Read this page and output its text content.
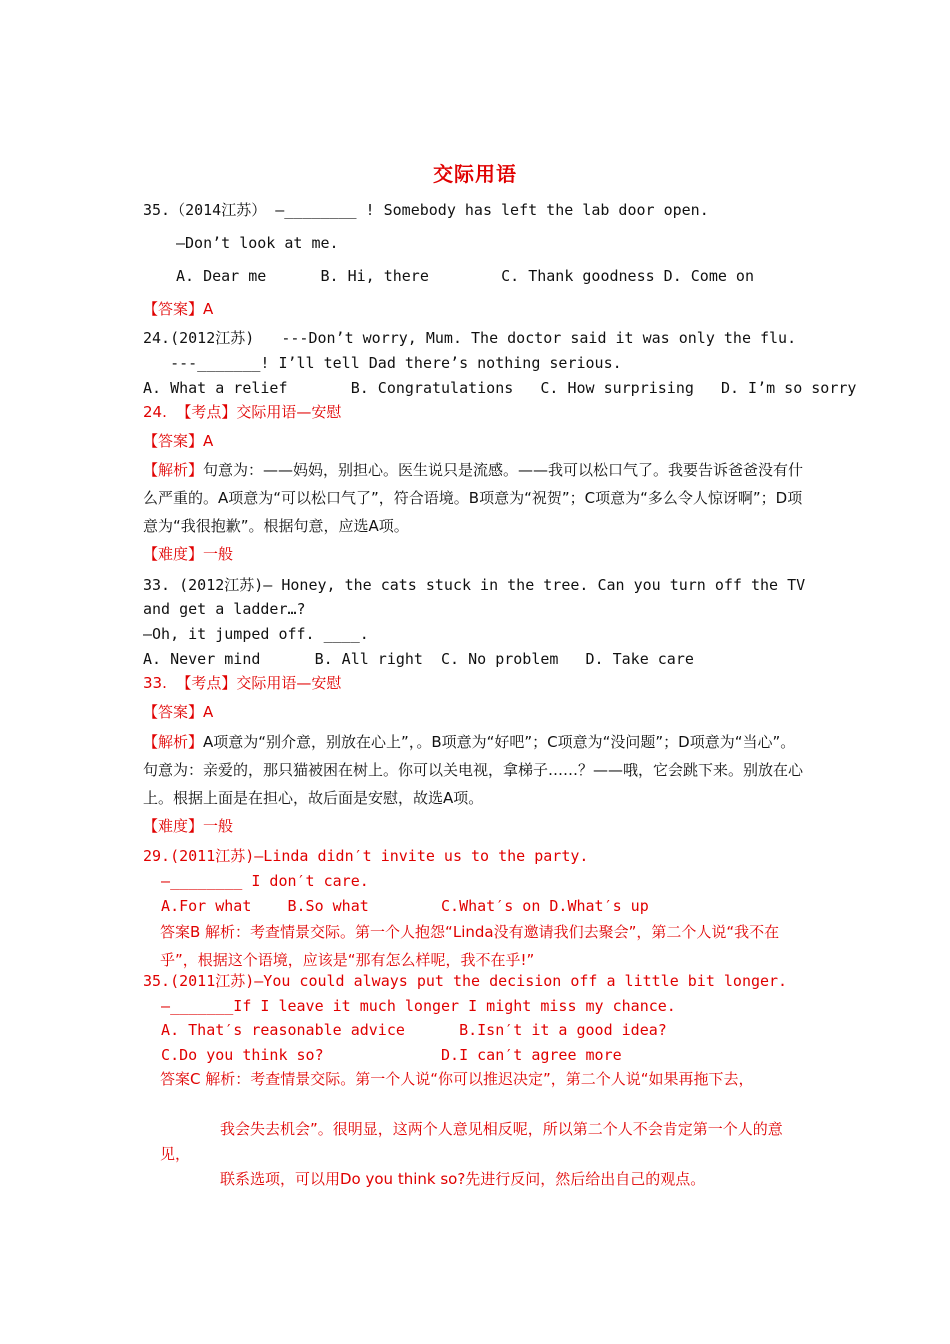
交际用语
35.（2014江苏） —________ ! Somebody has left the lab door open.
—Don’t look at me.
A. Dear me      B. Hi, there        C. Thank goodness D. Come on
【答案】A
24.(2012江苏)   ---Don’t worry, Mum. The doctor said it was only the flu.
---_______! I’ll tell Dad there’s nothing serious.
A. What a relief       B. Congratulations   C. How surprising   D. I’m so sorry
24. 【考点】交际用语—安慰
【答案】A
【解析】句意为：——妈妈，别担心。医生说只是流感。——我可以松口气了。我要告诉爸爸没有什么严重的。A项意为“可以松口气了”，符合语境。B项意为“祝贺”；C项意为“多么令人惊讶啊”；D项意为“我很抱歉”。根据句意，应选A项。
【难度】一般
33. (2012江苏)— Honey, the cats stuck in the tree. Can you turn off the TV
and get a ladder…?
—Oh, it jumped off. ____.
A. Never mind      B. All right  C. No problem   D. Take care
33. 【考点】交际用语—安慰
【答案】A
【解析】A项意为“别介意，别放在心上”，。B项意为“好吧”；C项意为“没问题”；D项意为“当心”。 句意为：亲爱的，那只猫被困在树上。你可以关电视，拿梯子……？——哦，它会跳下来。别放在心上。根据上面是在担心，故后面是安慰，故选A项。
【难度】一般
29.(2011江苏)—Linda didn′t invite us to the party.
—________ I don′t care.
A.For what    B.So what        C.What′s on D.What′s up
答案B 解析：考查情景交际。第一个人抱怨“Linda没有邀请我们去聚会”，第二个人说“我不在乎”，根据这个语境，应该是“那有怎么样呢，我不在乎!”
35.(2011江苏)—You could always put the decision off a little bit longer.
—_______If I leave it much longer I might miss my chance.
A. That′s reasonable advice      B.Isn′t it a good idea?
C.Do you think so?             D.I can′t agree more
答案C 解析：考查情景交际。第一个人说“你可以推迟决定”，第二个人说“如果再拖下去，
　　　　我会失去机会”。很明显，这两个人意见相反呢，所以第二个人不会肯定第一个人的意见，
　　　　联系选项，可以用Do you think so?先进行反问，然后给出自己的观点。
